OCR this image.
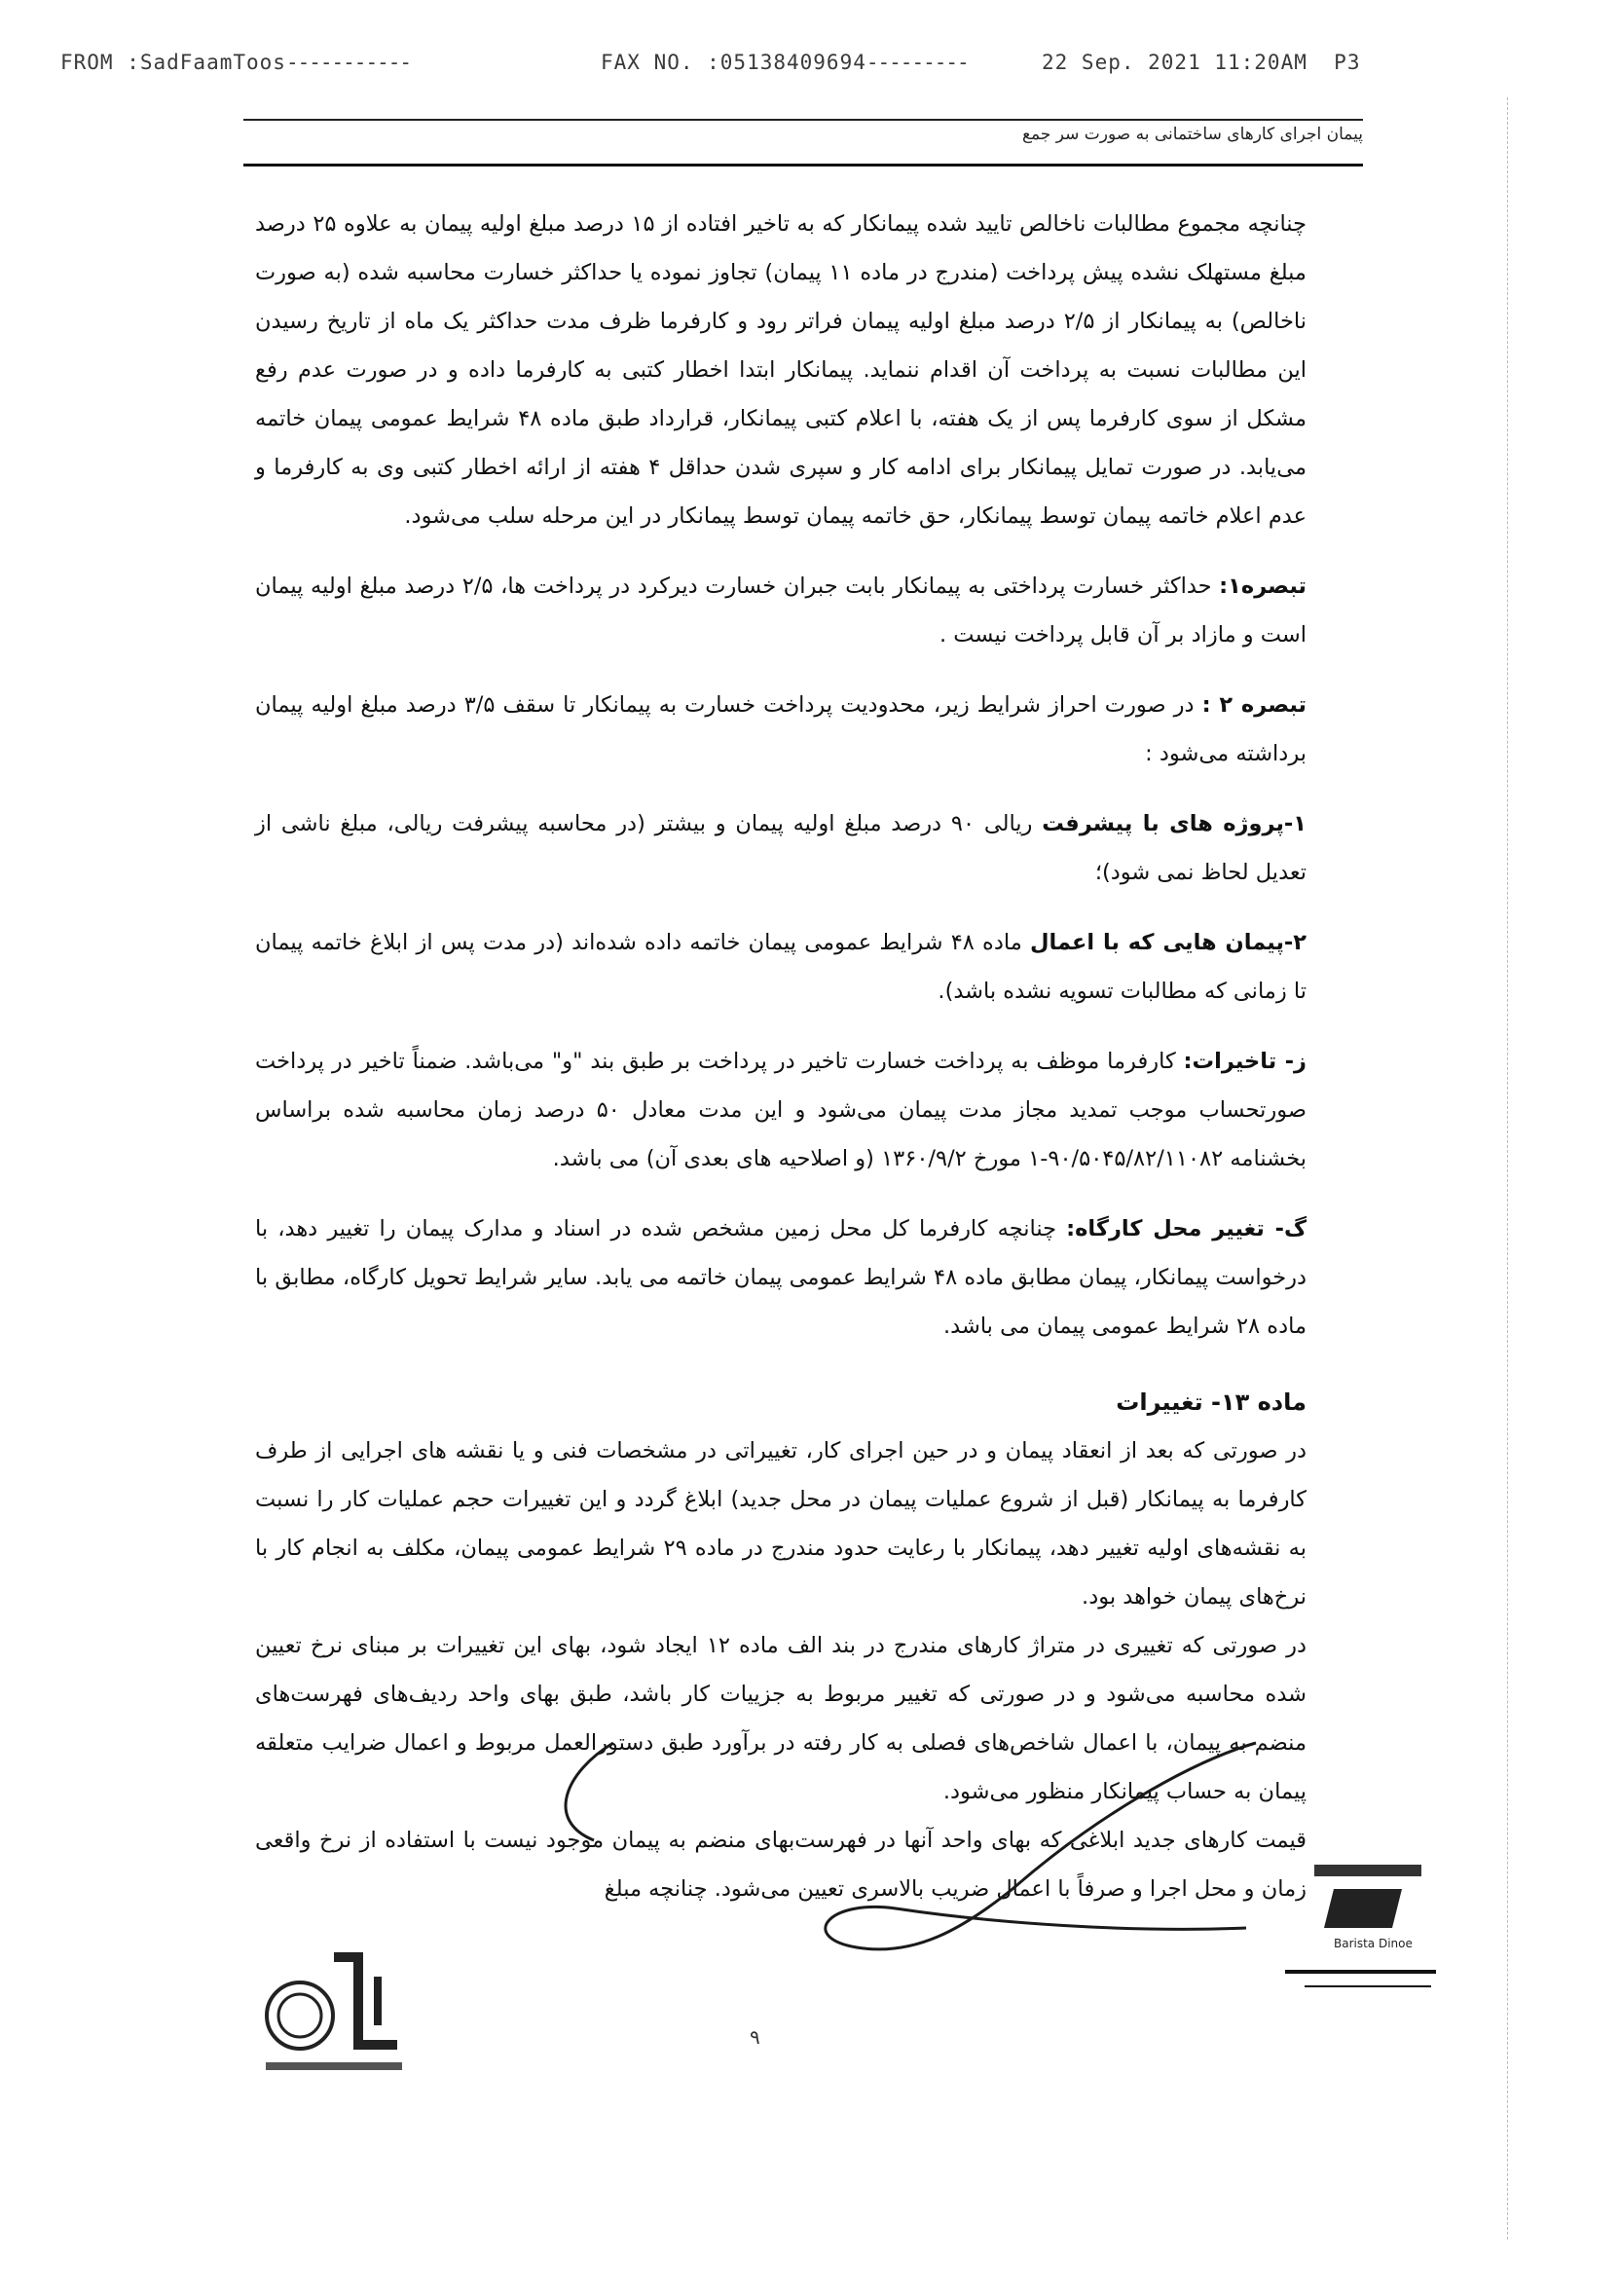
FROM :SadFaamToos-----------	FAX NO. :05138409694---------	22 Sep. 2021 11:20AM P3
پیمان اجرای کارهای ساختمانی به صورت سر جمع

چنانچه مجموع مطالبات ناخالص تایید شده پیمانکار که به تاخیر افتاده از ۱۵ درصد مبلغ اولیه پیمان به علاوه ۲۵ درصد مبلغ مستهلک نشده پیش پرداخت (مندرج در ماده ۱۱ پیمان) تجاوز نموده یا حداکثر خسارت محاسبه شده (به صورت ناخالص) به پیمانکار از ۲/۵ درصد مبلغ اولیه پیمان فراتر رود و کارفرما ظرف مدت حداکثر یک ماه از تاریخ رسیدن این مطالبات نسبت به پرداخت آن اقدام ننماید. پیمانکار ابتدا اخطار کتبی به کارفرما داده و در صورت عدم رفع مشکل از سوی کارفرما پس از یک هفته، با اعلام کتبی پیمانکار، قرارداد طبق ماده ۴۸ شرایط عمومی پیمان خاتمه می‌یابد. در صورت تمایل پیمانکار برای ادامه کار و سپری شدن حداقل ۴ هفته از ارائه اخطار کتبی وی به کارفرما و عدم اعلام خاتمه پیمان توسط پیمانکار، حق خاتمه پیمان توسط پیمانکار در این مرحله سلب می‌شود.

تبصره۱: حداکثر خسارت پرداختی به پیمانکار بابت جبران خسارت دیرکرد در پرداخت ها، ۲/۵ درصد مبلغ اولیه پیمان است و مازاد بر آن قابل پرداخت نیست .

تبصره ۲ : در صورت احراز شرایط زیر، محدودیت پرداخت خسارت به پیمانکار تا سقف ۳/۵ درصد مبلغ اولیه پیمان برداشته می‌شود :

۱-پروژه های با پیشرفت ریالی ۹۰ درصد مبلغ اولیه پیمان و بیشتر (در محاسبه پیشرفت ریالی، مبلغ ناشی از تعدیل لحاظ نمی شود)؛

۲-پیمان هایی که با اعمال ماده ۴۸ شرایط عمومی پیمان خاتمه داده شده‌اند (در مدت پس از ابلاغ خاتمه پیمان تا زمانی که مطالبات تسویه نشده باشد).

ز- تاخیرات: کارفرما موظف به پرداخت خسارت تاخیر در پرداخت بر طبق بند "و" می‌باشد. ضمناً تاخیر در پرداخت صورتحساب موجب تمدید مجاز مدت پیمان می‌شود و این مدت معادل ۵۰ درصد زمان محاسبه شده براساس بخشنامه ۹۰/۵۰۴۵/۸۲/۱۱۰۸۲-۱ مورخ ۱۳۶۰/۹/۲ (و اصلاحیه های بعدی آن) می باشد.

گ- تغییر محل کارگاه: چنانچه کارفرما کل محل زمین مشخص شده در اسناد و مدارک پیمان را تغییر دهد، با درخواست پیمانکار، پیمان مطابق ماده ۴۸ شرایط عمومی پیمان خاتمه می یابد. سایر شرایط تحویل کارگاه، مطابق با ماده ۲۸ شرایط عمومی پیمان می باشد.

ماده ۱۳- تغییرات

در صورتی که بعد از انعقاد پیمان و در حین اجرای کار، تغییراتی در مشخصات فنی و یا نقشه های اجرایی از طرف کارفرما به پیمانکار (قبل از شروع عملیات پیمان در محل جدید) ابلاغ گردد و این تغییرات حجم عملیات کار را نسبت به نقشه‌های اولیه تغییر دهد، پیمانکار با رعایت حدود مندرج در ماده ۲۹ شرایط عمومی پیمان، مکلف به انجام کار با نرخ‌های پیمان خواهد بود.

در صورتی که تغییری در متراژ کارهای مندرج در بند الف ماده ۱۲ ایجاد شود، بهای این تغییرات بر مبنای نرخ تعیین شده محاسبه می‌شود و در صورتی که تغییر مربوط به جزییات کار باشد، طبق بهای واحد ردیف‌های فهرست‌های منضم به پیمان، با اعمال شاخص‌های فصلی به کار رفته در برآورد طبق دستورالعمل مربوط و اعمال ضرایب متعلقه پیمان به حساب پیمانکار منظور می‌شود.

قیمت کارهای جدید ابلاغی که بهای واحد آنها در فهرست‌بهای منضم به پیمان موجود نیست با استفاده از نرخ واقعی زمان و محل اجرا و صرفاً با اعمال ضریب بالاسری تعیین می‌شود. چنانچه مبلغ

Barista Dinoe
۹
